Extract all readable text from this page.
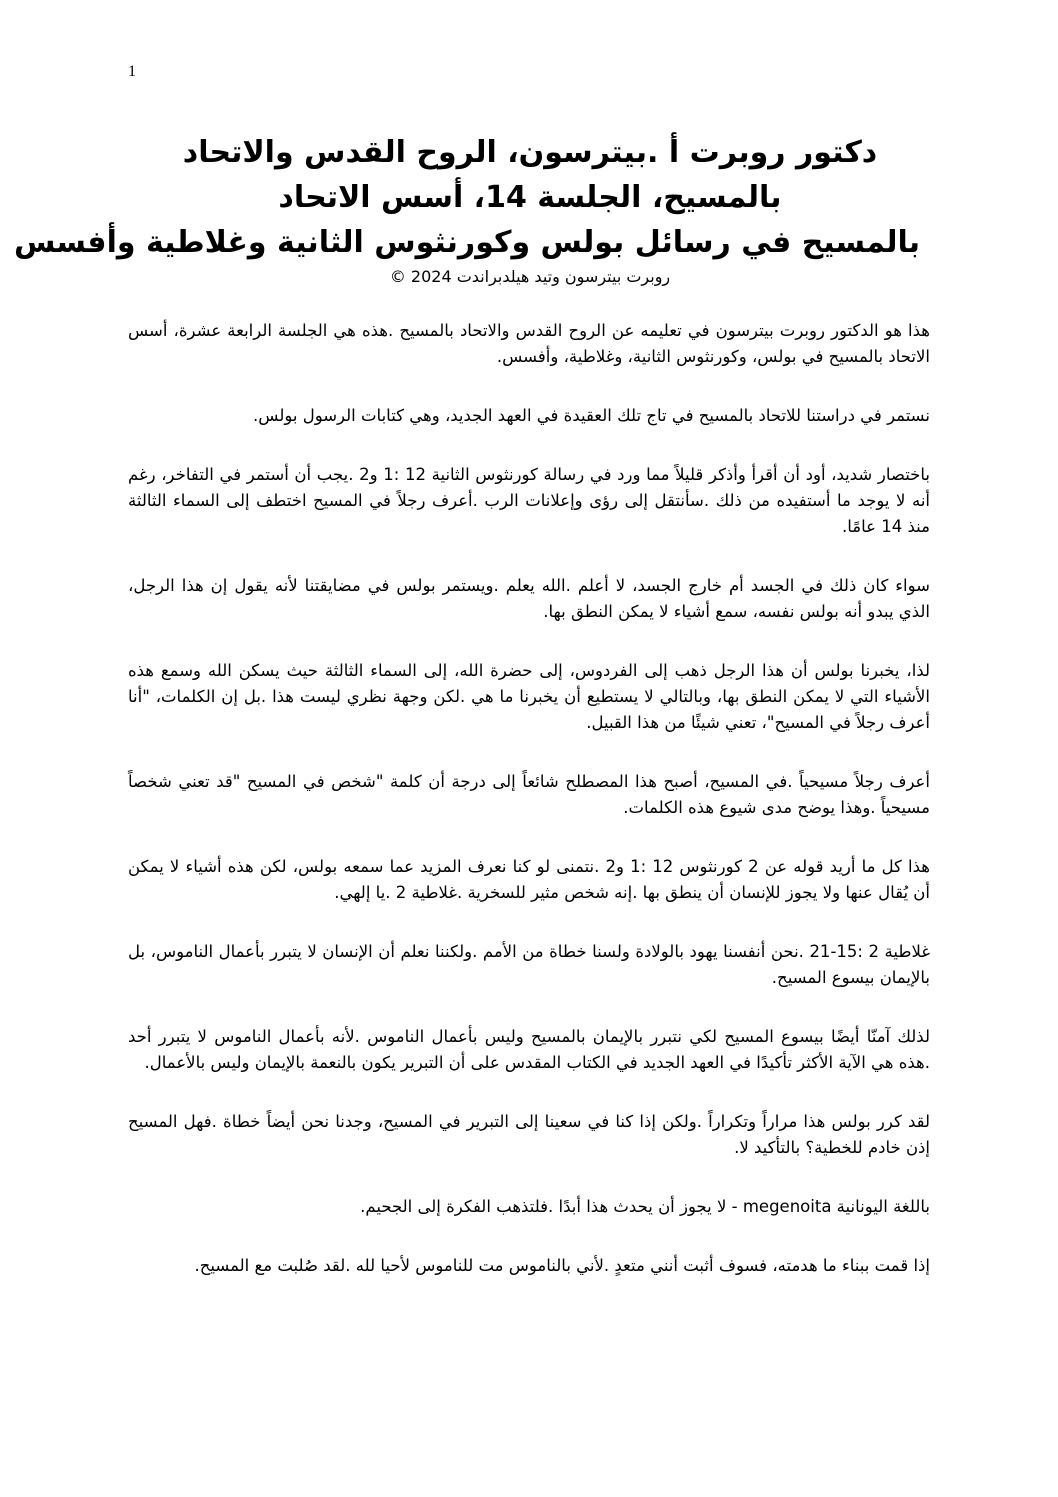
1
دكتور روبرت أ .بيترسون، الروح القدس والاتحاد
بالمسيح، الجلسة 14، أسس الاتحاد
بالمسيح في رسائل بولس وكورنثوس الثانية وغلاطية وأفسس
روبرت بيترسون وتيد هيلدبراندت 2024 ©

هذا هو الدكتور روبرت بيترسون في تعليمه عن الروح القدس والاتحاد بالمسيح .هذه هي الجلسة الرابعة عشرة، أسس الاتحاد بالمسيح في بولس، وكورنثوس الثانية، وغلاطية، وأفسس.

نستمر في دراستنا للاتحاد بالمسيح في تاج تلك العقيدة في العهد الجديد، وهي كتابات الرسول بولس.

باختصار شديد، أود أن أقرأ وأذكر قليلاً مما ورد في رسالة كورنثوس الثانية 12 :1 و2 .يجب أن أستمر في التفاخر، رغم أنه لا يوجد ما أستفيده من ذلك .سأنتقل إلى رؤى وإعلانات الرب .أعرف رجلاً في المسيح اختطف إلى السماء الثالثة منذ 14 عامًا.

سواء كان ذلك في الجسد أم خارج الجسد، لا أعلم .الله يعلم .ويستمر بولس في مضايقتنا لأنه يقول إن هذا الرجل، الذي يبدو أنه بولس نفسه، سمع أشياء لا يمكن النطق بها.

لذا، يخبرنا بولس أن هذا الرجل ذهب إلى الفردوس، إلى حضرة الله، إلى السماء الثالثة حيث يسكن الله وسمع هذه الأشياء التي لا يمكن النطق بها، وبالتالي لا يستطيع أن يخبرنا ما هي .لكن وجهة نظري ليست هذا .بل إن الكلمات، "أنا أعرف رجلاً في المسيح"، تعني شيئًا من هذا القبيل.

أعرف رجلاً مسيحياً .في المسيح، أصبح هذا المصطلح شائعاً إلى درجة أن كلمة "شخص في المسيح "قد تعني شخصاً مسيحياً .وهذا يوضح مدى شيوع هذه الكلمات.

هذا كل ما أريد قوله عن 2 كورنثوس 12 :1 و2 .نتمنى لو كنا نعرف المزيد عما سمعه بولس، لكن هذه أشياء لا يمكن أن يُقال عنها ولا يجوز للإنسان أن ينطق بها .إنه شخص مثير للسخرية .غلاطية 2 .يا إلهي.

غلاطية 2 :15-21 .نحن أنفسنا يهود بالولادة ولسنا خطاة من الأمم .ولكننا نعلم أن الإنسان لا يتبرر بأعمال الناموس، بل بالإيمان بيسوع المسيح.

لذلك آمنّا أيضًا بيسوع المسيح لكي نتبرر بالإيمان بالمسيح وليس بأعمال الناموس .لأنه بأعمال الناموس لا يتبرر أحد .هذه هي الآية الأكثر تأكيدًا في العهد الجديد في الكتاب المقدس على أن التبرير يكون بالنعمة بالإيمان وليس بالأعمال.

لقد كرر بولس هذا مراراً وتكراراً .ولكن إذا كنا في سعينا إلى التبرير في المسيح، وجدنا نحن أيضاً خطاة .فهل المسيح إذن خادم للخطية؟ بالتأكيد لا.

باللغة اليونانية megenoita - لا يجوز أن يحدث هذا أبدًا .فلتذهب الفكرة إلى الجحيم.

إذا قمت ببناء ما هدمته، فسوف أثبت أنني متعدٍ .لأني بالناموس مت للناموس لأحيا لله .لقد صُلبت مع المسيح.
